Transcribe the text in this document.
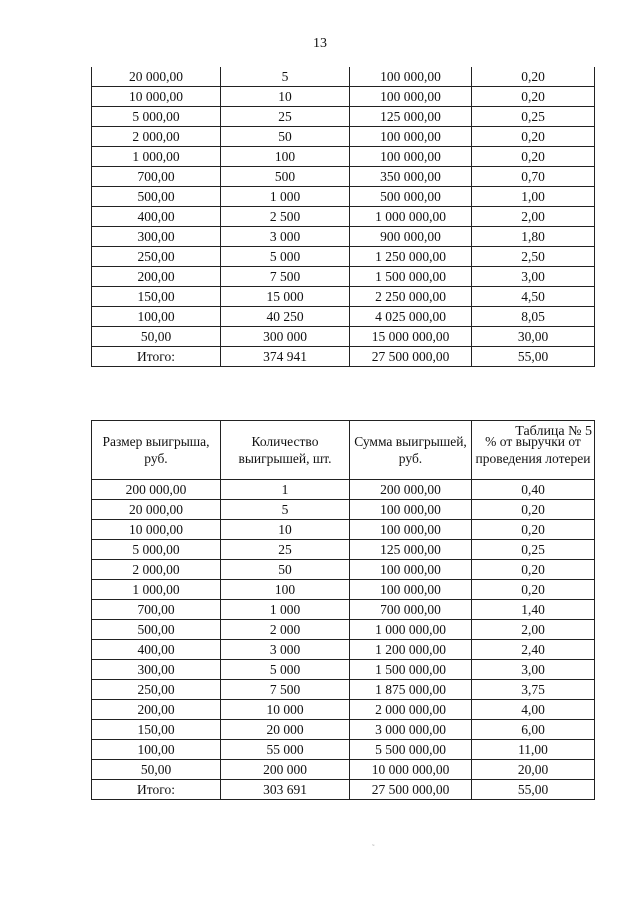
13
20 000,00	5	100 000,00	0,20
10 000,00	10	100 000,00	0,20
5 000,00	25	125 000,00	0,25
2 000,00	50	100 000,00	0,20
1 000,00	100	100 000,00	0,20
700,00	500	350 000,00	0,70
500,00	1 000	500 000,00	1,00
400,00	2 500	1 000 000,00	2,00
300,00	3 000	900 000,00	1,80
250,00	5 000	1 250 000,00	2,50
200,00	7 500	1 500 000,00	3,00
150,00	15 000	2 250 000,00	4,50
100,00	40 250	4 025 000,00	8,05
50,00	300 000	15 000 000,00	30,00
Итого:	374 941	27 500 000,00	55,00
Таблица № 5
Размер выигрыша, руб.	Количество выигрышей, шт.	Сумма выигрышей, руб.	% от выручки от проведения лотереи
200 000,00	1	200 000,00	0,40
20 000,00	5	100 000,00	0,20
10 000,00	10	100 000,00	0,20
5 000,00	25	125 000,00	0,25
2 000,00	50	100 000,00	0,20
1 000,00	100	100 000,00	0,20
700,00	1 000	700 000,00	1,40
500,00	2 000	1 000 000,00	2,00
400,00	3 000	1 200 000,00	2,40
300,00	5 000	1 500 000,00	3,00
250,00	7 500	1 875 000,00	3,75
200,00	10 000	2 000 000,00	4,00
150,00	20 000	3 000 000,00	6,00
100,00	55 000	5 500 000,00	11,00
50,00	200 000	10 000 000,00	20,00
Итого:	303 691	27 500 000,00	55,00
˜
